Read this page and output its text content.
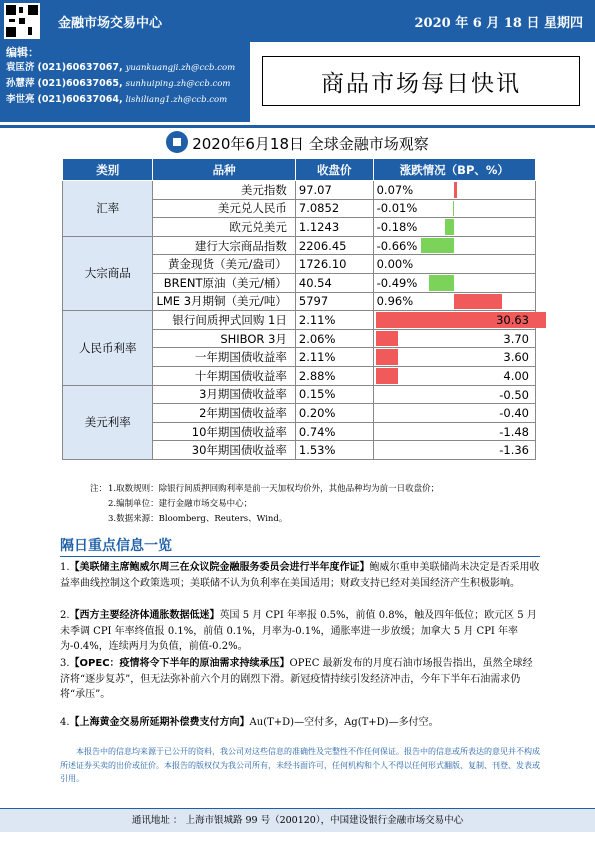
金融市场交易中心	2020 年 6 月 18 日 星期四
编辑：
袁匡济 (021)60637067, yuankuangji.zh@ccb.com
孙慧萍 (021)60637065, sunhuiping.zh@ccb.com
李世亮 (021)60637064, lishiliang1.zh@ccb.com
商品市场每日快讯
2020年6月18日 全球金融市场观察
类别	品种	收盘价	涨跌情况（BP、%）
汇率	美元指数	97.07	0.07%
	美元兑人民币	7.0852	-0.01%
	欧元兑美元	1.1243	-0.18%
大宗商品	建行大宗商品指数	2206.45	-0.66%
	黄金现货（美元/盎司）	1726.10	0.00%
	BRENT原油（美元/桶）	40.54	-0.49%
	LME 3月期铜（美元/吨）	5797	0.96%
人民币利率	银行间质押式回购 1日	2.11%	30.63

	SHIBOR 3月	2.06%	3.70

	一年期国债收益率	2.11%	3.60

	十年期国债收益率	2.88%	4.00

美元利率	3月期国债收益率	0.15%	-0.50

	2年期国债收益率	0.20%	-0.40

	10年期国债收益率	0.74%	-1.48

	30年期国债收益率	1.53%	-1.36
注： 1.取数规则：除银行间质押回购利率是前一天加权均价外，其他品种均为前一日收盘价；
2.编制单位：建行金融市场交易中心；
3.数据来源：Bloomberg、Reuters、Wind。
隔日重点信息一览
1.【美联储主席鲍威尔周三在众议院金融服务委员会进行半年度作证】鲍威尔重申美联储尚未决定是否采用收益率曲线控制这个政策选项；美联储不认为负利率在美国适用；财政支持已经对美国经济产生积极影响。
2.【西方主要经济体通胀数据低迷】英国 5 月 CPI 年率报 0.5%，前值 0.8%，触及四年低位；欧元区 5 月未季调 CPI 年率终值报 0.1%，前值 0.1%，月率为-0.1%，通胀率进一步放缓；加拿大 5 月 CPI 年率为-0.4%，连续两月为负值，前值-0.2%。
3.【OPEC：疫情将令下半年的原油需求持续承压】OPEC 最新发布的月度石油市场报告指出，虽然全球经济将“逐步复苏”，但无法弥补前六个月的剧烈下滑。新冠疫情持续引发经济冲击，今年下半年石油需求仍将“承压”。
4.【上海黄金交易所延期补偿费支付方向】Au(T+D)—空付多，Ag(T+D)—多付空。
本报告中的信息均来源于已公开的资料，我公司对这些信息的准确性及完整性不作任何保证。报告中的信息或所表达的意见并不构成所述证券买卖的出价或征价。本报告的版权仅为我公司所有，未经书面许可，任何机构和个人不得以任何形式翻版、复制、刊登、发表或引用。
通讯地址 ： 上海市银城路 99 号（200120），中国建设银行金融市场交易中心
